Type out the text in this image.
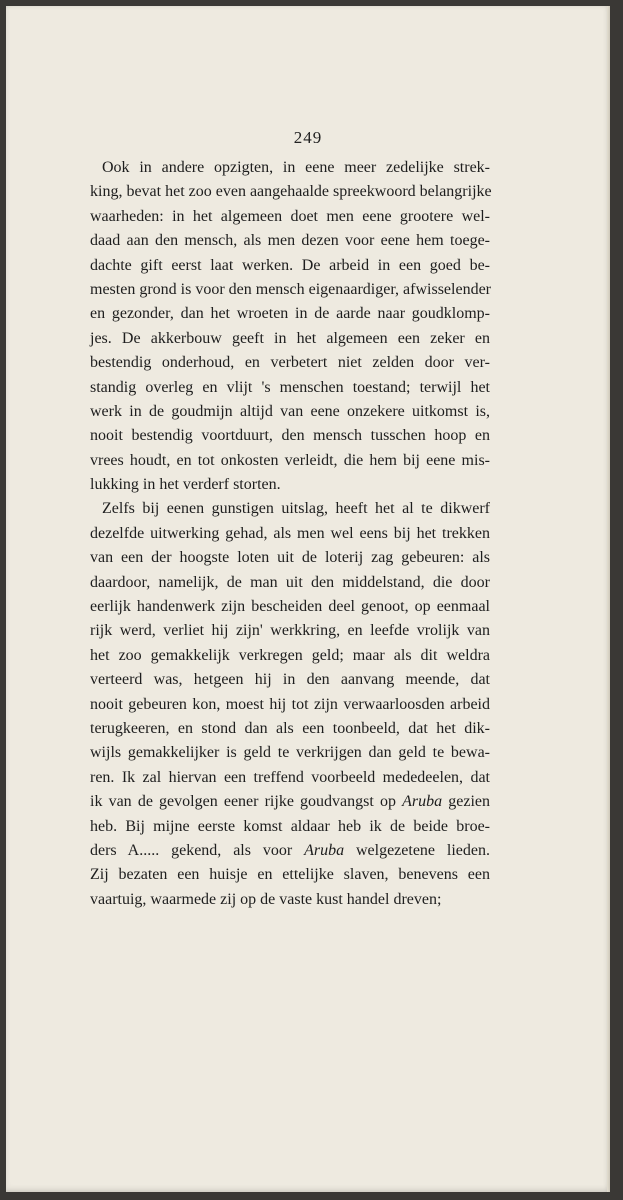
249
Ook in andere opzigten, in eene meer zedelijke strek-
king, bevat het zoo even aangehaalde spreekwoord belangrijke
waarheden: in het algemeen doet men eene grootere wel-
daad aan den mensch, als men dezen voor eene hem toege-
dachte gift eerst laat werken. De arbeid in een goed be-
mesten grond is voor den mensch eigenaardiger, afwisselender
en gezonder, dan het wroeten in de aarde naar goudklomp-
jes. De akkerbouw geeft in het algemeen een zeker en
bestendig onderhoud, en verbetert niet zelden door ver-
standig overleg en vlijt 's menschen toestand; terwijl het
werk in de goudmijn altijd van eene onzekere uitkomst is,
nooit bestendig voortduurt, den mensch tusschen hoop en
vrees houdt, en tot onkosten verleidt, die hem bij eene mis-
lukking in het verderf storten.
Zelfs bij eenen gunstigen uitslag, heeft het al te dikwerf
dezelfde uitwerking gehad, als men wel eens bij het trekken
van een der hoogste loten uit de loterij zag gebeuren: als
daardoor, namelijk, de man uit den middelstand, die door
eerlijk handenwerk zijn bescheiden deel genoot, op eenmaal
rijk werd, verliet hij zijn' werkkring, en leefde vrolijk van
het zoo gemakkelijk verkregen geld; maar als dit weldra
verteerd was, hetgeen hij in den aanvang meende, dat
nooit gebeuren kon, moest hij tot zijn verwaarloosden arbeid
terugkeeren, en stond dan als een toonbeeld, dat het dik-
wijls gemakkelijker is geld te verkrijgen dan geld te bewa-
ren. Ik zal hiervan een treffend voorbeeld mededeelen, dat
ik van de gevolgen eener rijke goudvangst op Aruba gezien
heb. Bij mijne eerste komst aldaar heb ik de beide broe-
ders A..... gekend, als voor Aruba welgezetene lieden.
Zij bezaten een huisje en ettelijke slaven, benevens een
vaartuig, waarmede zij op de vaste kust handel dreven;
